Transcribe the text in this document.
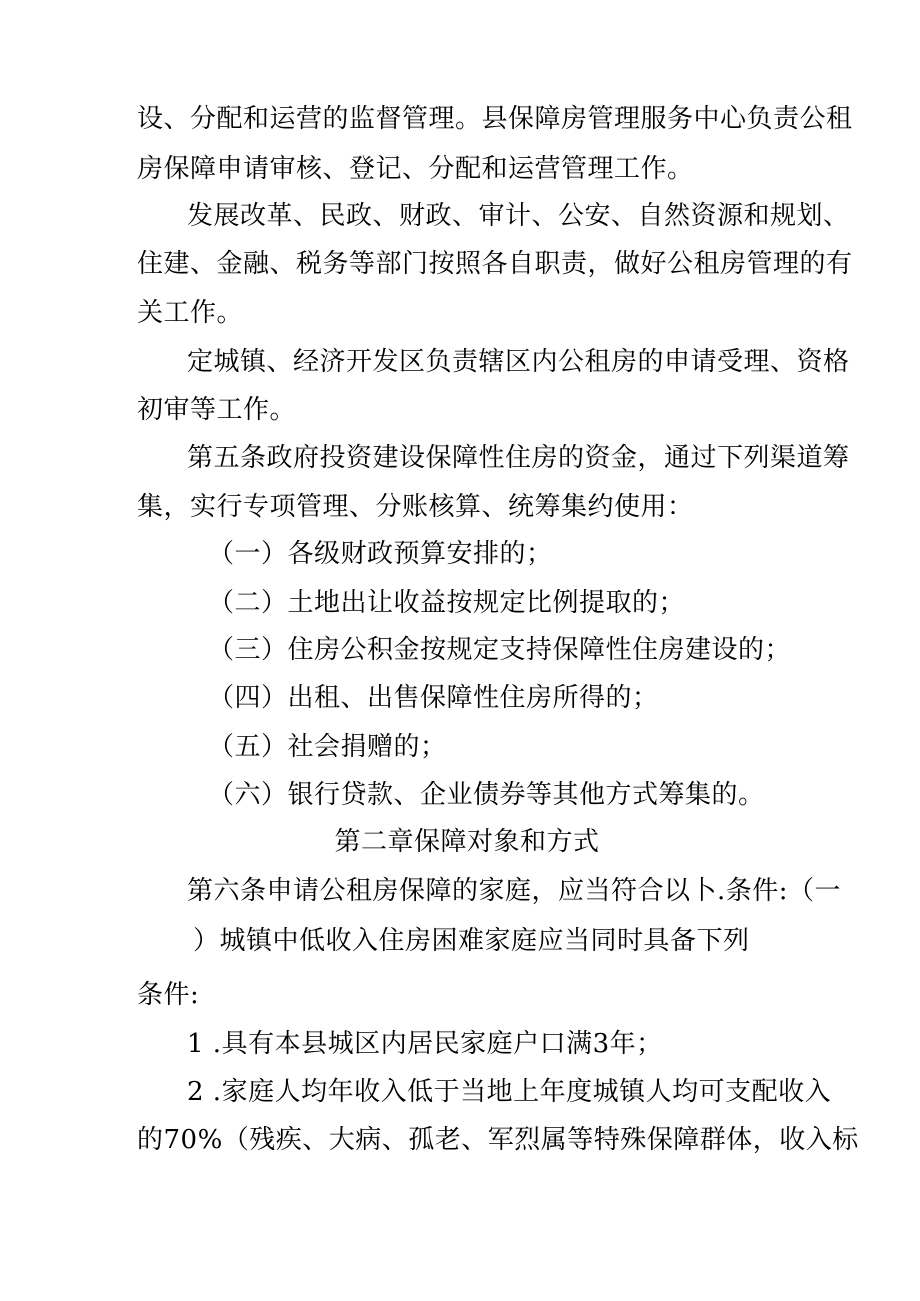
设、分配和运营的监督管理。县保障房管理服务中心负责公租
房保障申请审核、登记、分配和运营管理工作。
发展改革、民政、财政、审计、公安、自然资源和规划、
住建、金融、税务等部门按照各自职责，做好公租房管理的有
关工作。
定城镇、经济开发区负责辖区内公租房的申请受理、资格
初审等工作。
第五条政府投资建设保障性住房的资金，通过下列渠道筹
集，实行专项管理、分账核算、统筹集约使用：
（一）各级财政预算安排的；
（二）土地出让收益按规定比例提取的；
（三）住房公积金按规定支持保障性住房建设的；
（四）出租、出售保障性住房所得的；
（五）社会捐赠的；
（六）银行贷款、企业债券等其他方式筹集的。
第二章保障对象和方式
第六条申请公租房保障的家庭，应当符合以卜.条件:（一
）城镇中低收入住房困难家庭应当同时具备下列
条件:
1 .具有本县城区内居民家庭户口满3年；
2 .家庭人均年收入低于当地上年度城镇人均可支配收入
的70%（残疾、大病、孤老、军烈属等特殊保障群体，收入标
